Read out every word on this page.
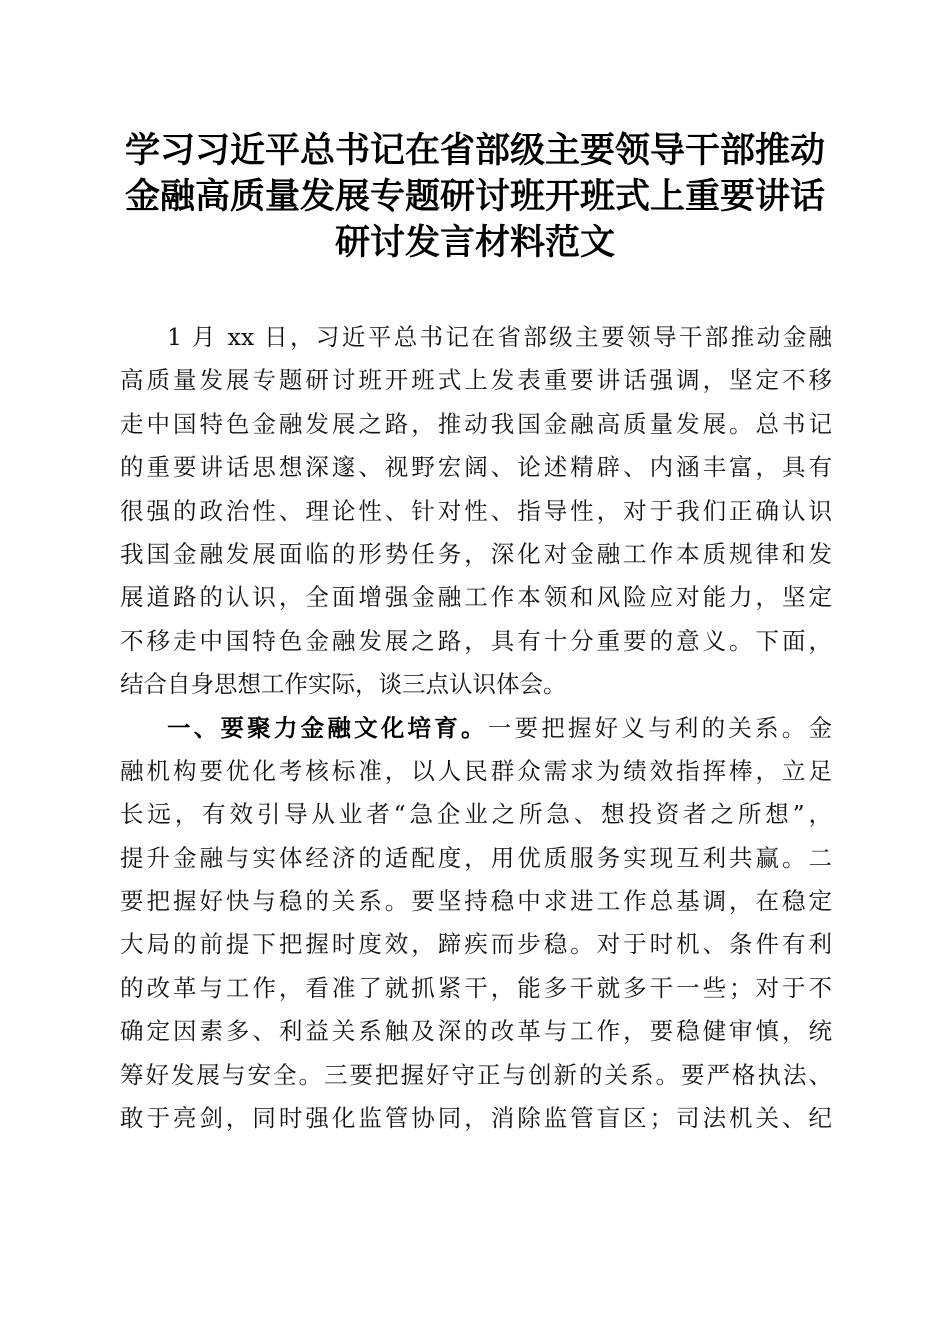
学习习近平总书记在省部级主要领导干部推动
金融高质量发展专题研讨班开班式上重要讲话
研讨发言材料范文
1 月 xx 日，习近平总书记在省部级主要领导干部推动金融
高质量发展专题研讨班开班式上发表重要讲话强调，坚定不移
走中国特色金融发展之路，推动我国金融高质量发展。总书记
的重要讲话思想深邃、视野宏阔、论述精辟、内涵丰富，具有
很强的政治性、理论性、针对性、指导性，对于我们正确认识
我国金融发展面临的形势任务，深化对金融工作本质规律和发
展道路的认识，全面增强金融工作本领和风险应对能力，坚定
不移走中国特色金融发展之路，具有十分重要的意义。下面，
结合自身思想工作实际，谈三点认识体会。
一、要聚力金融文化培育。一要把握好义与利的关系。金
融机构要优化考核标准，以人民群众需求为绩效指挥棒，立足
长远，有效引导从业者“急企业之所急、想投资者之所想”，
提升金融与实体经济的适配度，用优质服务实现互利共赢。二
要把握好快与稳的关系。要坚持稳中求进工作总基调，在稳定
大局的前提下把握时度效，蹄疾而步稳。对于时机、条件有利
的改革与工作，看准了就抓紧干，能多干就多干一些；对于不
确定因素多、利益关系触及深的改革与工作，要稳健审慎，统
筹好发展与安全。三要把握好守正与创新的关系。要严格执法、
敢于亮剑，同时强化监管协同，消除监管盲区；司法机关、纪
